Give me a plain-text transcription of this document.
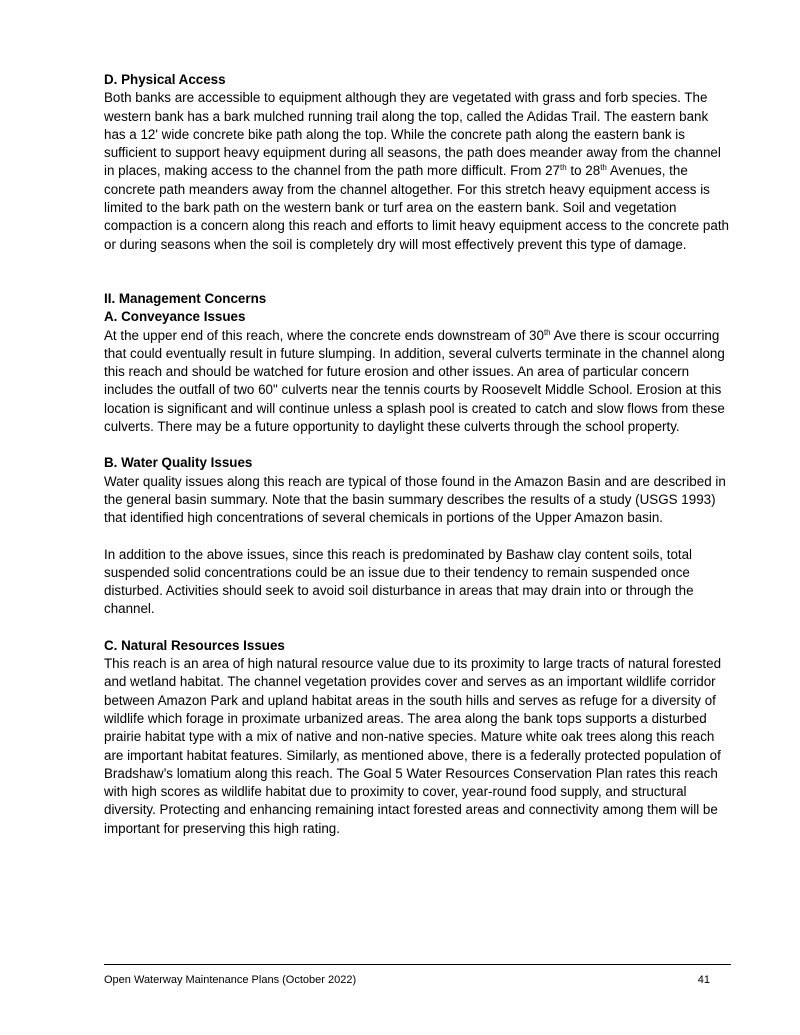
D. Physical Access

Both banks are accessible to equipment although they are vegetated with grass and forb species. The western bank has a bark mulched running trail along the top, called the Adidas Trail. The eastern bank has a 12' wide concrete bike path along the top. While the concrete path along the eastern bank is sufficient to support heavy equipment during all seasons, the path does meander away from the channel in places, making access to the channel from the path more difficult. From 27th to 28th Avenues, the concrete path meanders away from the channel altogether. For this stretch heavy equipment access is limited to the bark path on the western bank or turf area on the eastern bank. Soil and vegetation compaction is a concern along this reach and efforts to limit heavy equipment access to the concrete path or during seasons when the soil is completely dry will most effectively prevent this type of damage.

II. Management Concerns

A. Conveyance Issues

At the upper end of this reach, where the concrete ends downstream of 30th Ave there is scour occurring that could eventually result in future slumping. In addition, several culverts terminate in the channel along this reach and should be watched for future erosion and other issues. An area of particular concern includes the outfall of two 60" culverts near the tennis courts by Roosevelt Middle School. Erosion at this location is significant and will continue unless a splash pool is created to catch and slow flows from these culverts. There may be a future opportunity to daylight these culverts through the school property.

B. Water Quality Issues

Water quality issues along this reach are typical of those found in the Amazon Basin and are described in the general basin summary. Note that the basin summary describes the results of a study (USGS 1993) that identified high concentrations of several chemicals in portions of the Upper Amazon basin.

In addition to the above issues, since this reach is predominated by Bashaw clay content soils, total suspended solid concentrations could be an issue due to their tendency to remain suspended once disturbed. Activities should seek to avoid soil disturbance in areas that may drain into or through the channel.

C. Natural Resources Issues

This reach is an area of high natural resource value due to its proximity to large tracts of natural forested and wetland habitat. The channel vegetation provides cover and serves as an important wildlife corridor between Amazon Park and upland habitat areas in the south hills and serves as refuge for a diversity of wildlife which forage in proximate urbanized areas. The area along the bank tops supports a disturbed prairie habitat type with a mix of native and non-native species. Mature white oak trees along this reach are important habitat features. Similarly, as mentioned above, there is a federally protected population of Bradshaw’s lomatium along this reach. The Goal 5 Water Resources Conservation Plan rates this reach with high scores as wildlife habitat due to proximity to cover, year-round food supply, and structural diversity. Protecting and enhancing remaining intact forested areas and connectivity among them will be important for preserving this high rating.

Open Waterway Maintenance Plans (October 2022)	41
